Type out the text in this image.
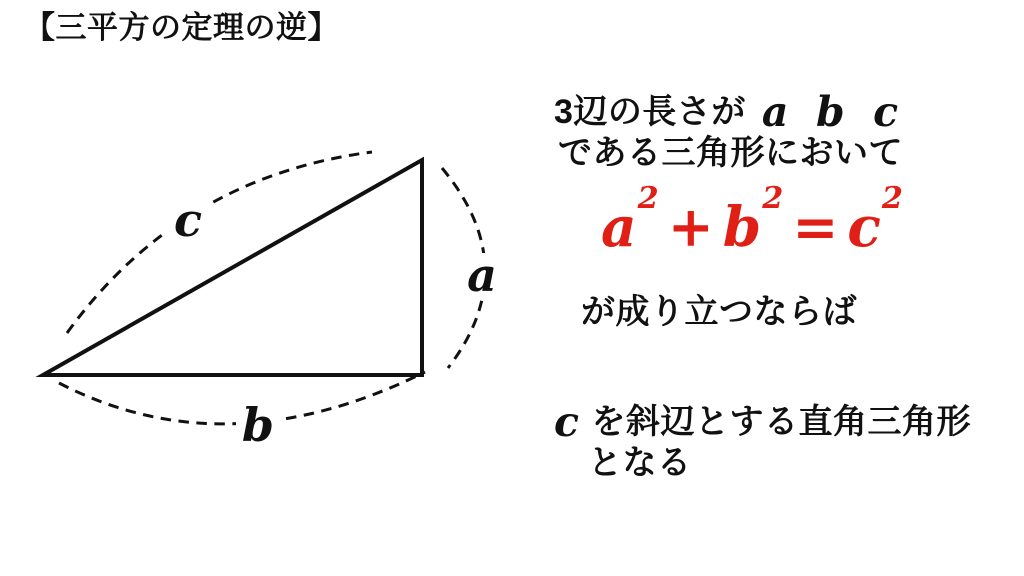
【三平方の定理の逆】
c
a
b
3辺の長さが a b c
である三角形において
$a^2 + b^2 = c^2$
が成り立つならば
c を斜辺とする直角三角形
となる
